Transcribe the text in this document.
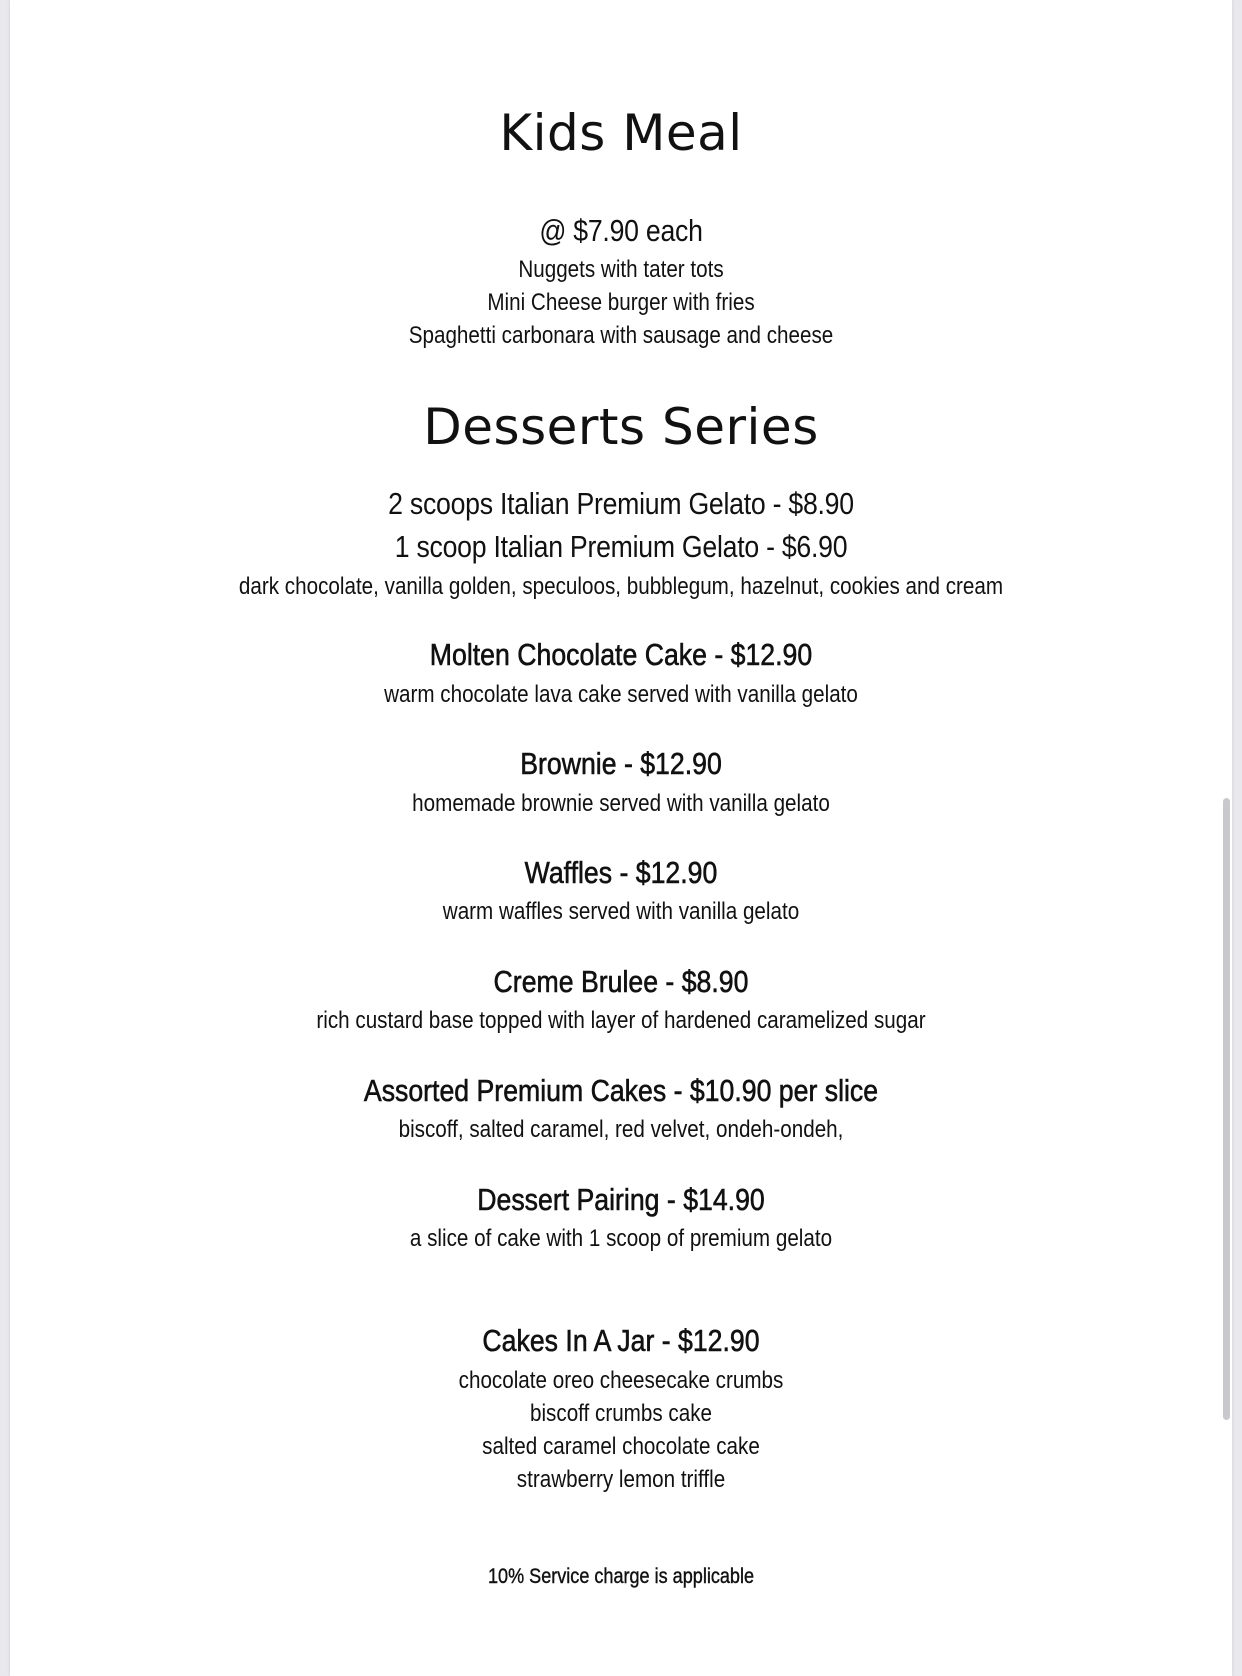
Kids Meal
@ $7.90 each
Nuggets with tater tots
Mini Cheese burger with fries
Spaghetti carbonara with sausage and cheese
Desserts Series
2 scoops Italian Premium Gelato - $8.90
1 scoop Italian Premium Gelato - $6.90
dark chocolate, vanilla golden, speculoos, bubblegum, hazelnut, cookies and cream
Molten Chocolate Cake - $12.90
warm chocolate lava cake served with vanilla gelato
Brownie - $12.90
homemade brownie served with vanilla gelato
Waffles - $12.90
warm waffles served with vanilla gelato
Creme Brulee - $8.90
rich custard base topped with layer of hardened caramelized sugar
Assorted Premium Cakes - $10.90 per slice
biscoff, salted caramel, red velvet, ondeh-ondeh,
Dessert Pairing - $14.90
a slice of cake with 1 scoop of premium gelato
Cakes In A Jar - $12.90
chocolate oreo cheesecake crumbs
biscoff crumbs cake
salted caramel chocolate cake
strawberry lemon triffle
10% Service charge is applicable
